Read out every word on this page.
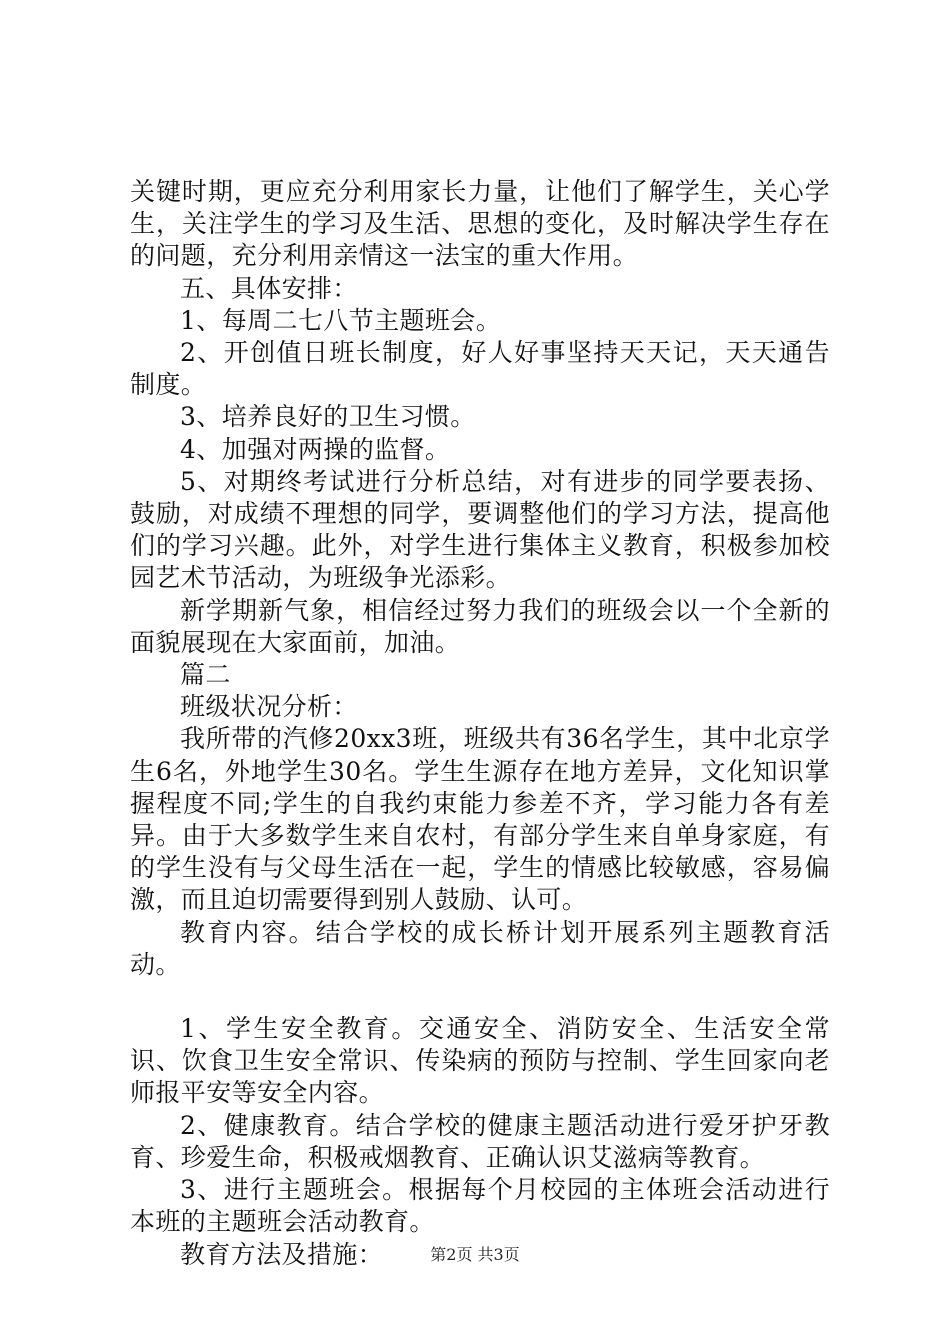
关键时期，更应充分利用家长力量，让他们了解学生，关心学生，关注学生的学习及生活、思想的变化，及时解决学生存在的问题，充分利用亲情这一法宝的重大作用。

五、具体安排：

1、每周二七八节主题班会。

2、开创值日班长制度，好人好事坚持天天记，天天通告制度。

3、培养良好的卫生习惯。

4、加强对两操的监督。

5、对期终考试进行分析总结，对有进步的同学要表扬、鼓励，对成绩不理想的同学，要调整他们的学习方法，提高他们的学习兴趣。此外，对学生进行集体主义教育，积极参加校园艺术节活动，为班级争光添彩。

新学期新气象，相信经过努力我们的班级会以一个全新的面貌展现在大家面前，加油。

篇二

班级状况分析：

我所带的汽修20xx3班，班级共有36名学生，其中北京学生6名，外地学生30名。学生生源存在地方差异，文化知识掌握程度不同;学生的自我约束能力参差不齐，学习能力各有差异。由于大多数学生来自农村，有部分学生来自单身家庭，有的学生没有与父母生活在一起，学生的情感比较敏感，容易偏激，而且迫切需要得到别人鼓励、认可。

教育内容。结合学校的成长桥计划开展系列主题教育活动。

1、学生安全教育。交通安全、消防安全、生活安全常识、饮食卫生安全常识、传染病的预防与控制、学生回家向老师报平安等安全内容。

2、健康教育。结合学校的健康主题活动进行爱牙护牙教育、珍爱生命，积极戒烟教育、正确认识艾滋病等教育。

3、进行主题班会。根据每个月校园的主体班会活动进行本班的主题班会活动教育。

教育方法及措施：	第2页 共3页
